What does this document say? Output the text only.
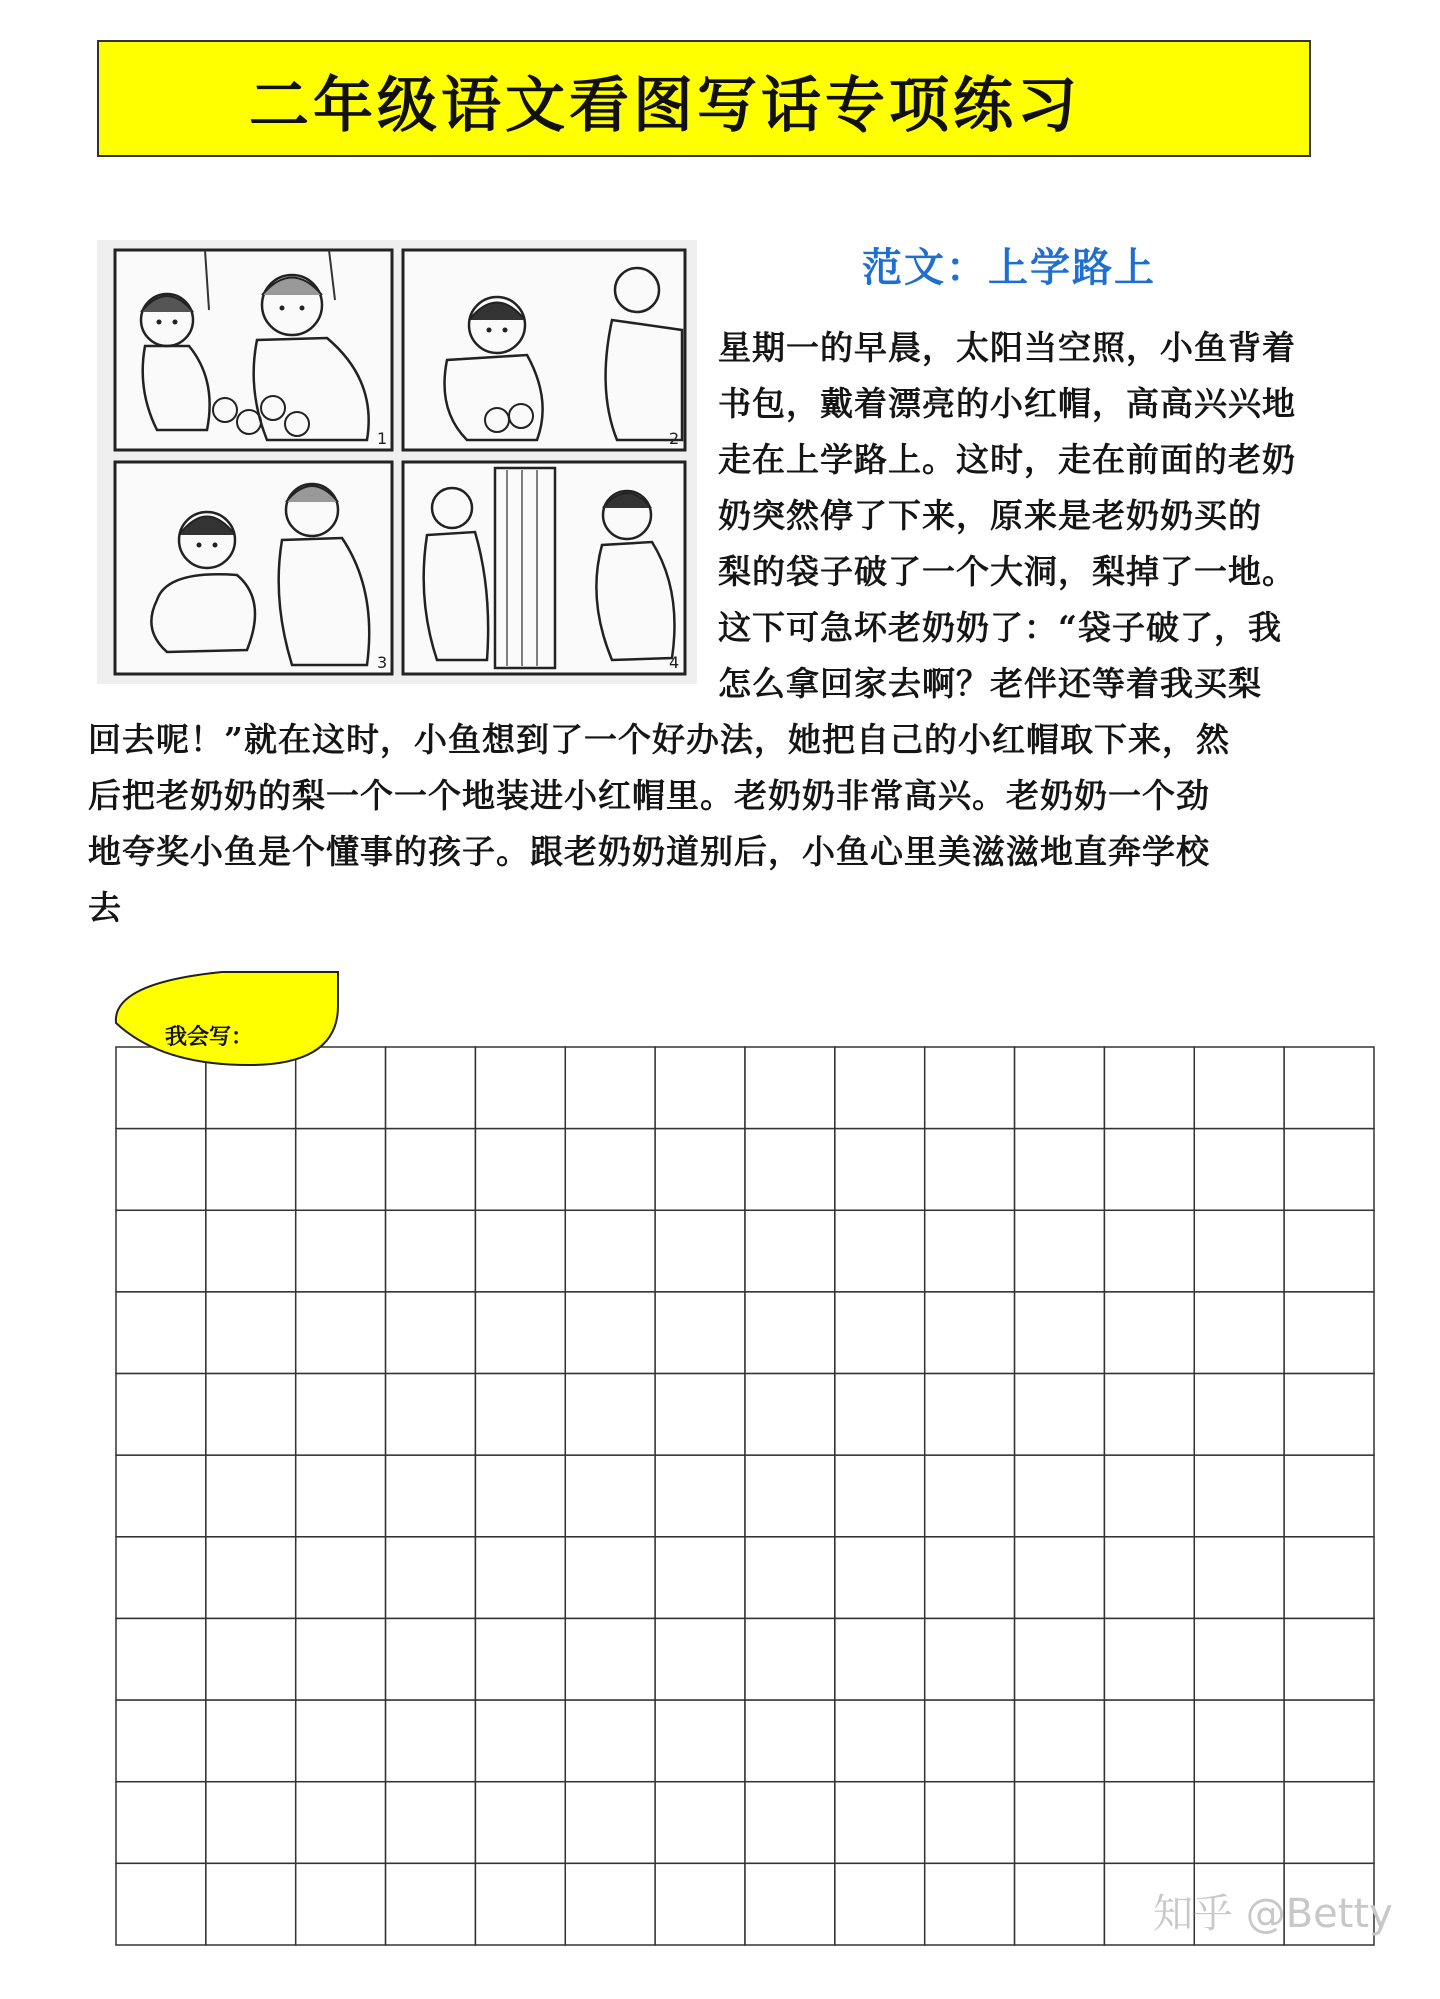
二年级语文看图写话专项练习
1	2
3	4
范文：上学路上
星期一的早晨，太阳当空照，小鱼背着
书包，戴着漂亮的小红帽，高高兴兴地
走在上学路上。这时，走在前面的老奶
奶突然停了下来，原来是老奶奶买的
梨的袋子破了一个大洞，梨掉了一地。
这下可急坏老奶奶了：“袋子破了，我
怎么拿回家去啊？老伴还等着我买梨
回去呢！”就在这时，小鱼想到了一个好办法，她把自己的小红帽取下来，然
后把老奶奶的梨一个一个地装进小红帽里。老奶奶非常高兴。老奶奶一个劲
地夸奖小鱼是个懂事的孩子。跟老奶奶道别后，小鱼心里美滋滋地直奔学校
去
我会写：
知乎 @Betty
